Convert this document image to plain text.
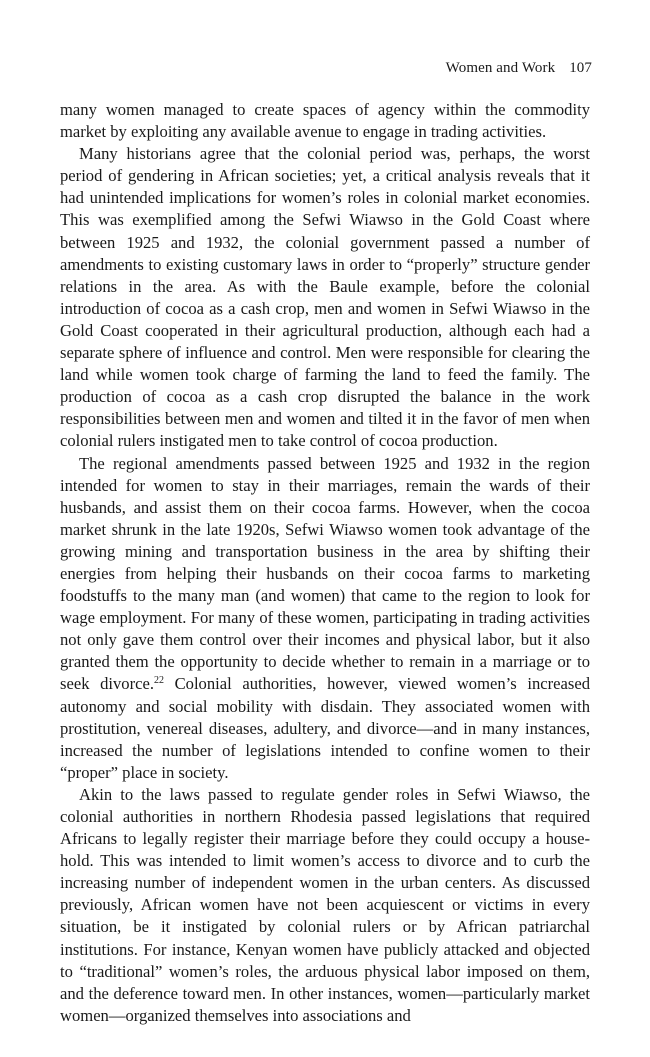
Women and Work 107

many women managed to create spaces of agency within the commodity market by exploiting any available avenue to engage in trading activities.

Many historians agree that the colonial period was, perhaps, the worst period of gendering in African societies; yet, a critical analysis reveals that it had unintended implications for women’s roles in colonial market economies. This was exemplified among the Sefwi Wiawso in the Gold Coast where between 1925 and 1932, the colonial government passed a number of amendments to existing customary laws in order to “properly” structure gender relations in the area. As with the Baule example, before the colonial introduction of cocoa as a cash crop, men and women in Sefwi Wiawso in the Gold Coast cooperated in their agricultural production, although each had a separate sphere of influence and control. Men were responsible for clearing the land while women took charge of farming the land to feed the family. The production of cocoa as a cash crop disrupted the balance in the work responsibilities between men and women and tilted it in the favor of men when colonial rulers instigated men to take control of cocoa production.

The regional amendments passed between 1925 and 1932 in the region intended for women to stay in their marriages, remain the wards of their husbands, and assist them on their cocoa farms. However, when the cocoa market shrunk in the late 1920s, Sefwi Wiawso women took advantage of the growing mining and transportation business in the area by shifting their energies from helping their husbands on their cocoa farms to marketing foodstuffs to the many man (and women) that came to the region to look for wage employment. For many of these women, participating in trading activities not only gave them control over their incomes and physical labor, but it also granted them the opportunity to decide whether to remain in a marriage or to seek divorce.$^{22}$ Colonial authorities, however, viewed women’s increased autonomy and social mobility with disdain. They associated women with prostitution, venereal diseases, adultery, and divorce—and in many instances, increased the number of legislations intended to confine women to their “proper” place in society.

Akin to the laws passed to regulate gender roles in Sefwi Wiawso, the colonial authorities in northern Rhodesia passed legislations that required Africans to legally register their marriage before they could occupy a household. This was intended to limit women’s access to divorce and to curb the increasing number of independent women in the urban centers. As discussed previously, African women have not been acquiescent or victims in every situation, be it instigated by colonial rulers or by African patriarchal institutions. For instance, Kenyan women have publicly attacked and objected to “traditional” women’s roles, the arduous physical labor imposed on them, and the deference toward men. In other instances, women—particularly market women—organized themselves into associations and
